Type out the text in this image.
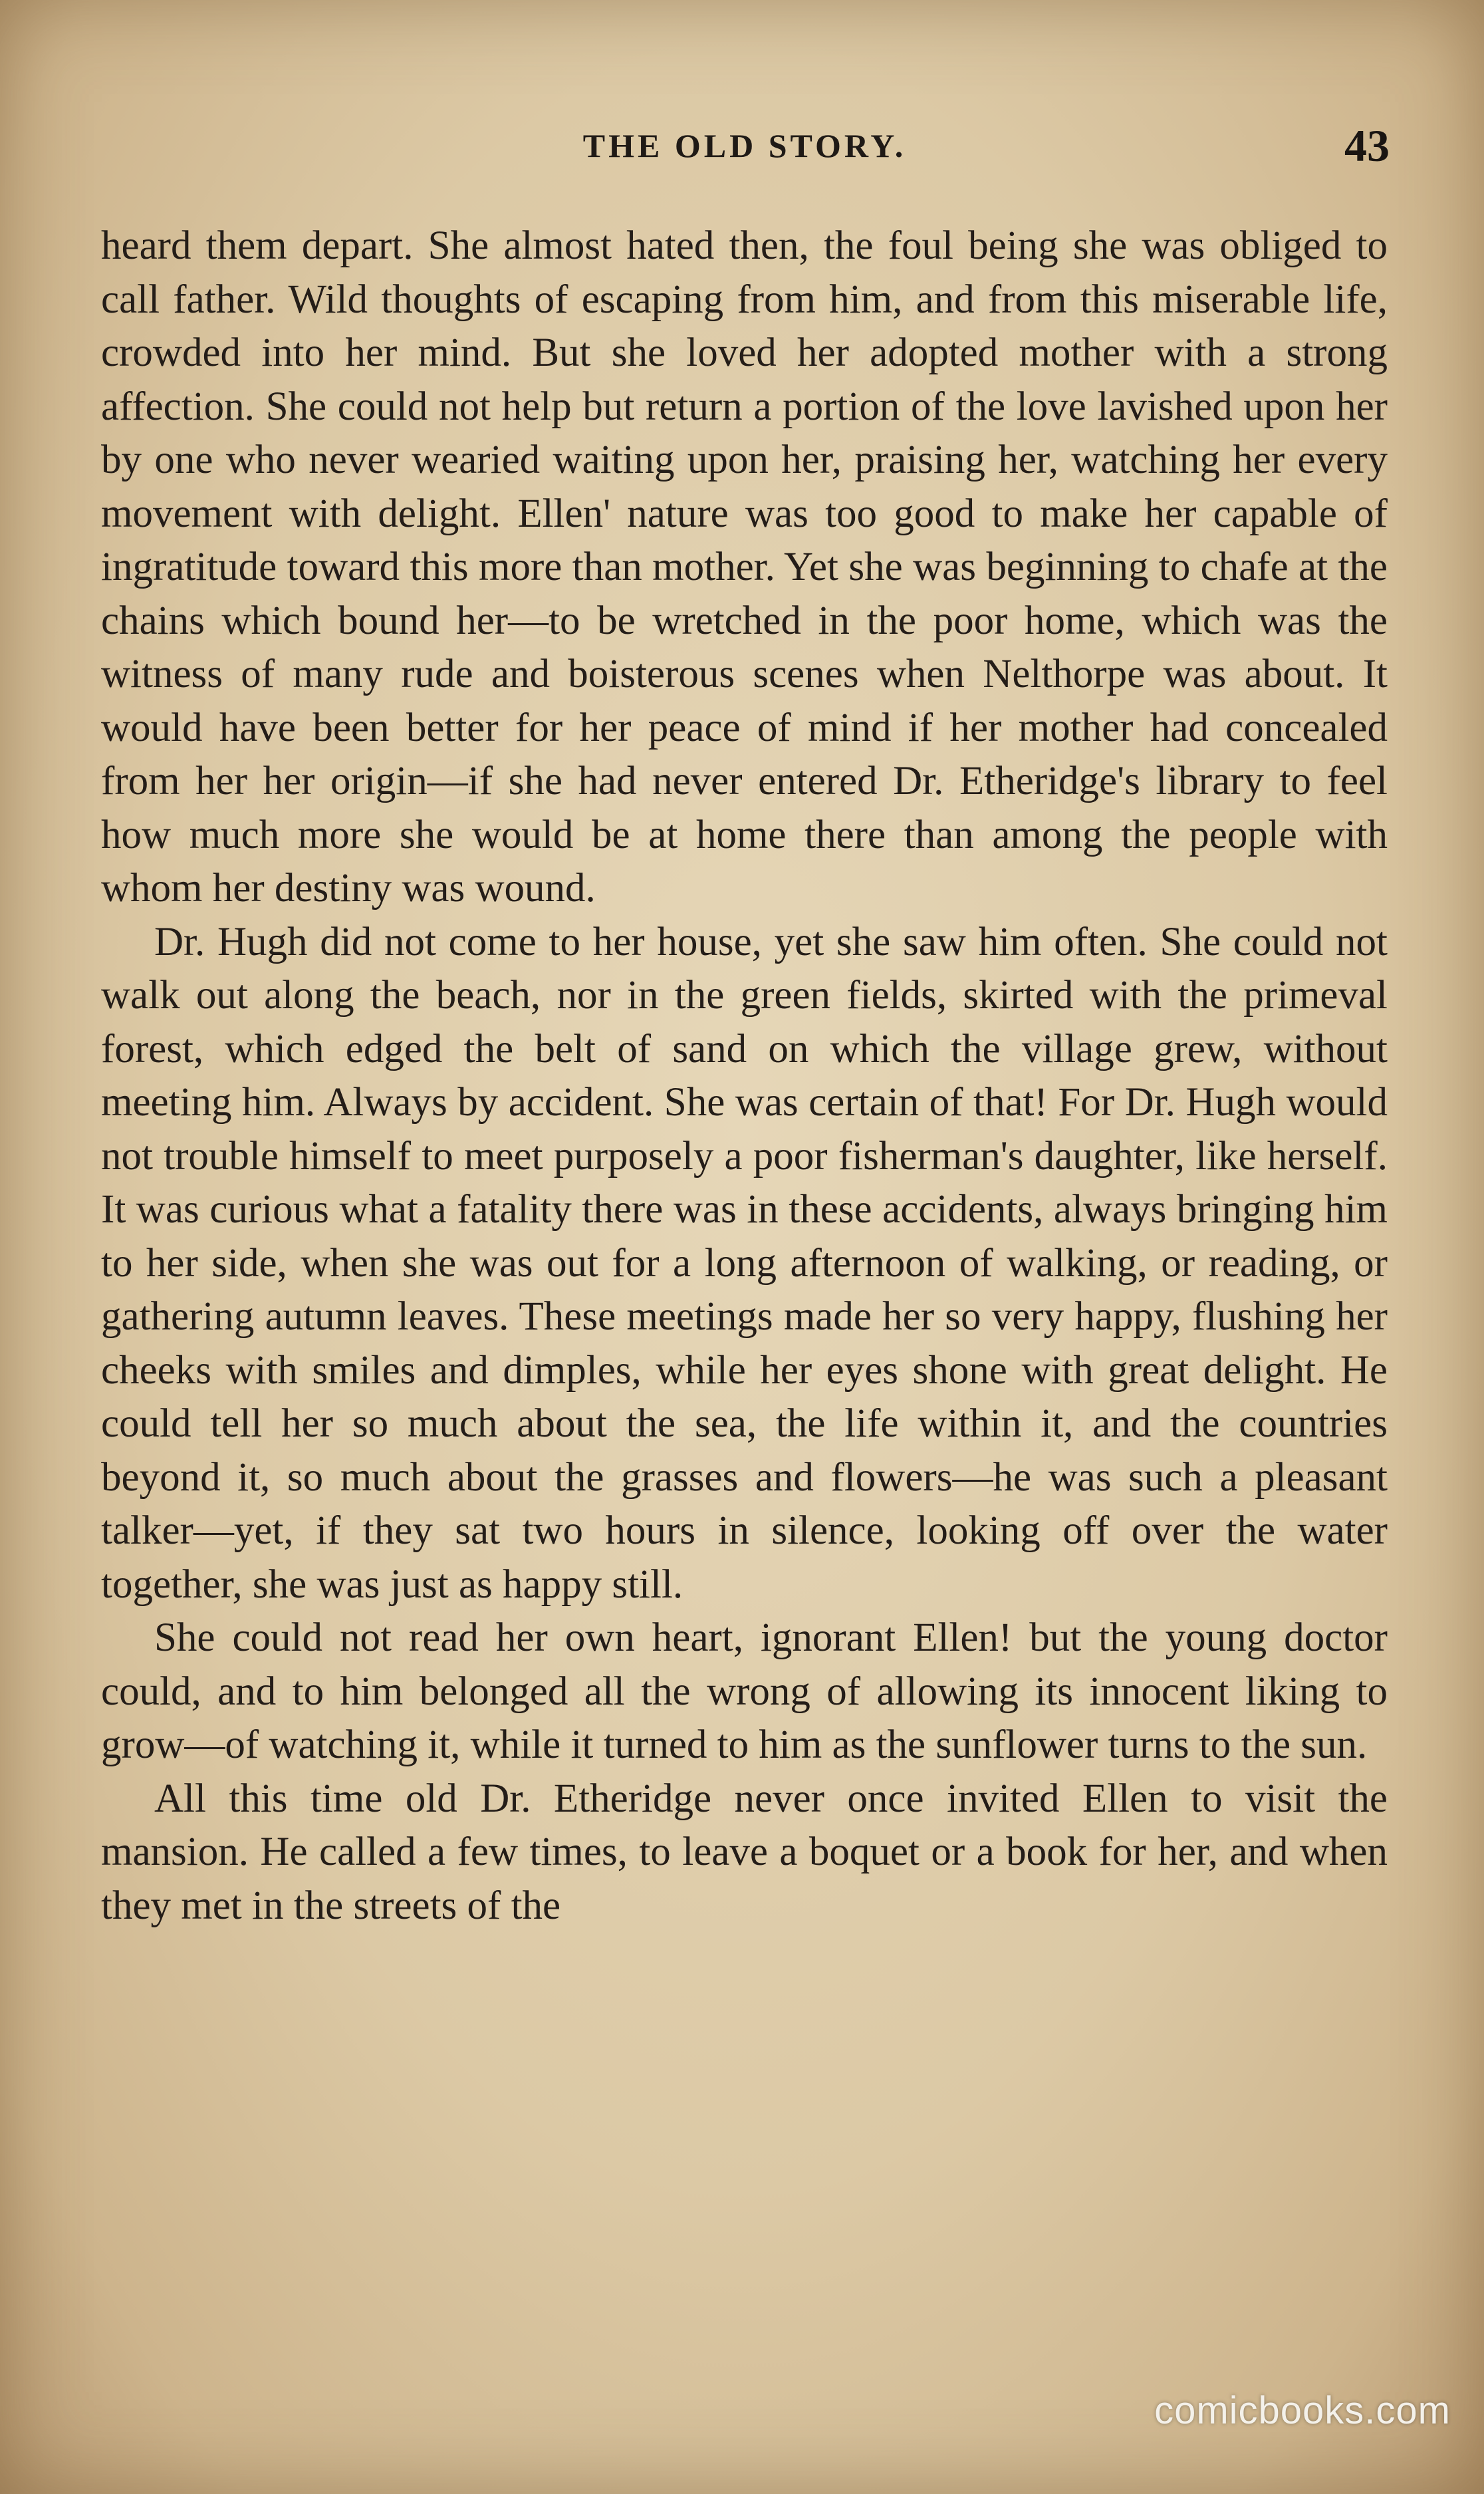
THE OLD STORY.	43

heard them depart. She almost hated then, the foul being she was obliged to call father. Wild thoughts of escaping from him, and from this miserable life, crowded into her mind. But she loved her adopted mother with a strong affection. She could not help but return a portion of the love lavished upon her by one who never wearied waiting upon her, praising her, watching her every movement with delight. Ellen' nature was too good to make her capable of ingratitude toward this more than mother. Yet she was beginning to chafe at the chains which bound her—to be wretched in the poor home, which was the witness of many rude and boisterous scenes when Nelthorpe was about. It would have been better for her peace of mind if her mother had concealed from her her origin—if she had never entered Dr. Etheridge's library to feel how much more she would be at home there than among the people with whom her destiny was wound.

Dr. Hugh did not come to her house, yet she saw him often. She could not walk out along the beach, nor in the green fields, skirted with the primeval forest, which edged the belt of sand on which the village grew, without meeting him. Always by accident. She was certain of that! For Dr. Hugh would not trouble himself to meet purposely a poor fisherman's daughter, like herself. It was curious what a fatality there was in these accidents, always bringing him to her side, when she was out for a long afternoon of walking, or reading, or gathering autumn leaves. These meetings made her so very happy, flushing her cheeks with smiles and dimples, while her eyes shone with great delight. He could tell her so much about the sea, the life within it, and the countries beyond it, so much about the grasses and flowers—he was such a pleasant talker—yet, if they sat two hours in silence, looking off over the water together, she was just as happy still.

She could not read her own heart, ignorant Ellen! but the young doctor could, and to him belonged all the wrong of allowing its innocent liking to grow—of watching it, while it turned to him as the sunflower turns to the sun.

All this time old Dr. Etheridge never once invited Ellen to visit the mansion. He called a few times, to leave a boquet or a book for her, and when they met in the streets of the

comicbooks.com
